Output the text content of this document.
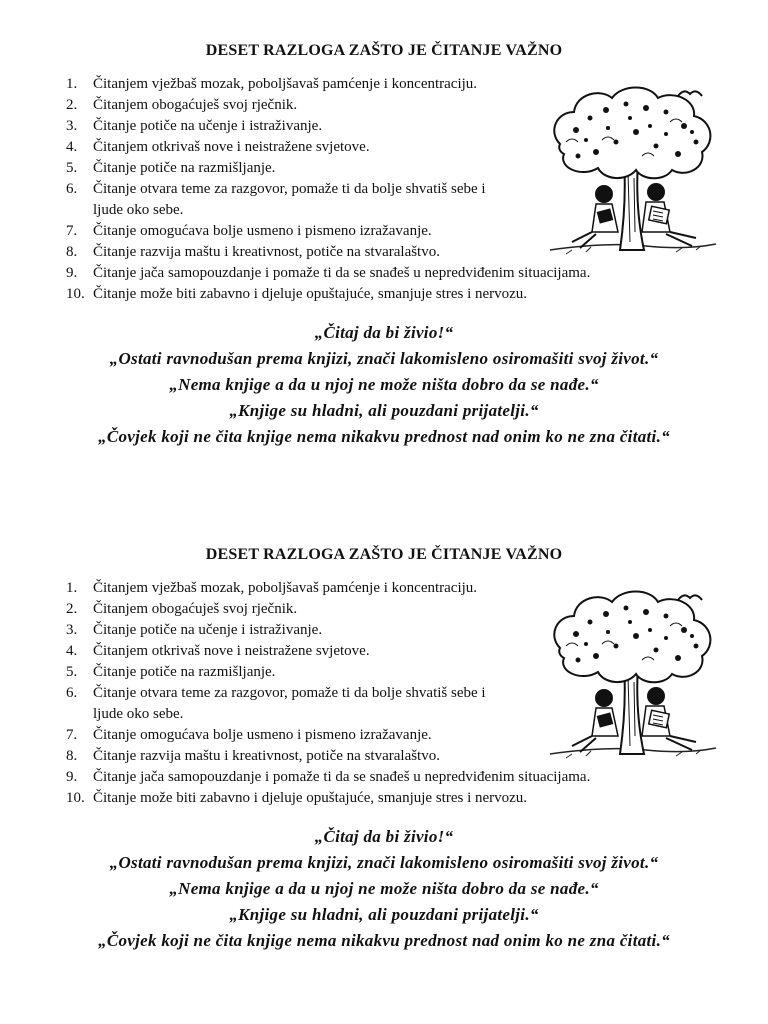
DESET RAZLOGA ZAŠTO JE ČITANJE VAŽNO
1.	Čitanjem vježbaš mozak, poboljšavaš pamćenje i koncentraciju.
2.	Čitanjem obogaćuješ svoj rječnik.
3.	Čitanje potiče na učenje i istraživanje.
4.	Čitanjem otkrivaš nove i neistražene svjetove.
5.	Čitanje potiče na razmišljanje.
6.	Čitanje otvara teme za razgovor, pomaže ti da bolje shvatiš sebe i
ljude oko sebe.
7.	Čitanje omogućava bolje usmeno i pismeno izražavanje.
8.	Čitanje razvija maštu i kreativnost, potiče na stvaralaštvo.
9.	Čitanje jača samopouzdanje i pomaže ti da se snađeš u nepredviđenim situacijama.
10. Čitanje može biti zabavno i djeluje opuštajuće, smanjuje stres i nervozu.
„Čitaj da bi živio!“
„Ostati ravnodušan prema knjizi, znači lakomisleno osiromašiti svoj život.“
„Nema knjige a da u njoj ne može ništa dobro da se nađe.“
„Knjige su hladni, ali pouzdani prijatelji.“
„Čovjek koji ne čita knjige nema nikakvu prednost nad onim ko ne zna čitati.“
DESET RAZLOGA ZAŠTO JE ČITANJE VAŽNO
1.	Čitanjem vježbaš mozak, poboljšavaš pamćenje i koncentraciju.
2.	Čitanjem obogaćuješ svoj rječnik.
3.	Čitanje potiče na učenje i istraživanje.
4.	Čitanjem otkrivaš nove i neistražene svjetove.
5.	Čitanje potiče na razmišljanje.
6.	Čitanje otvara teme za razgovor, pomaže ti da bolje shvatiš sebe i
ljude oko sebe.
7.	Čitanje omogućava bolje usmeno i pismeno izražavanje.
8.	Čitanje razvija maštu i kreativnost, potiče na stvaralaštvo.
9.	Čitanje jača samopouzdanje i pomaže ti da se snađeš u nepredviđenim situacijama.
10. Čitanje može biti zabavno i djeluje opuštajuće, smanjuje stres i nervozu.
„Čitaj da bi živio!“
„Ostati ravnodušan prema knjizi, znači lakomisleno osiromašiti svoj život.“
„Nema knjige a da u njoj ne može ništa dobro da se nađe.“
„Knjige su hladni, ali pouzdani prijatelji.“
„Čovjek koji ne čita knjige nema nikakvu prednost nad onim ko ne zna čitati.“
